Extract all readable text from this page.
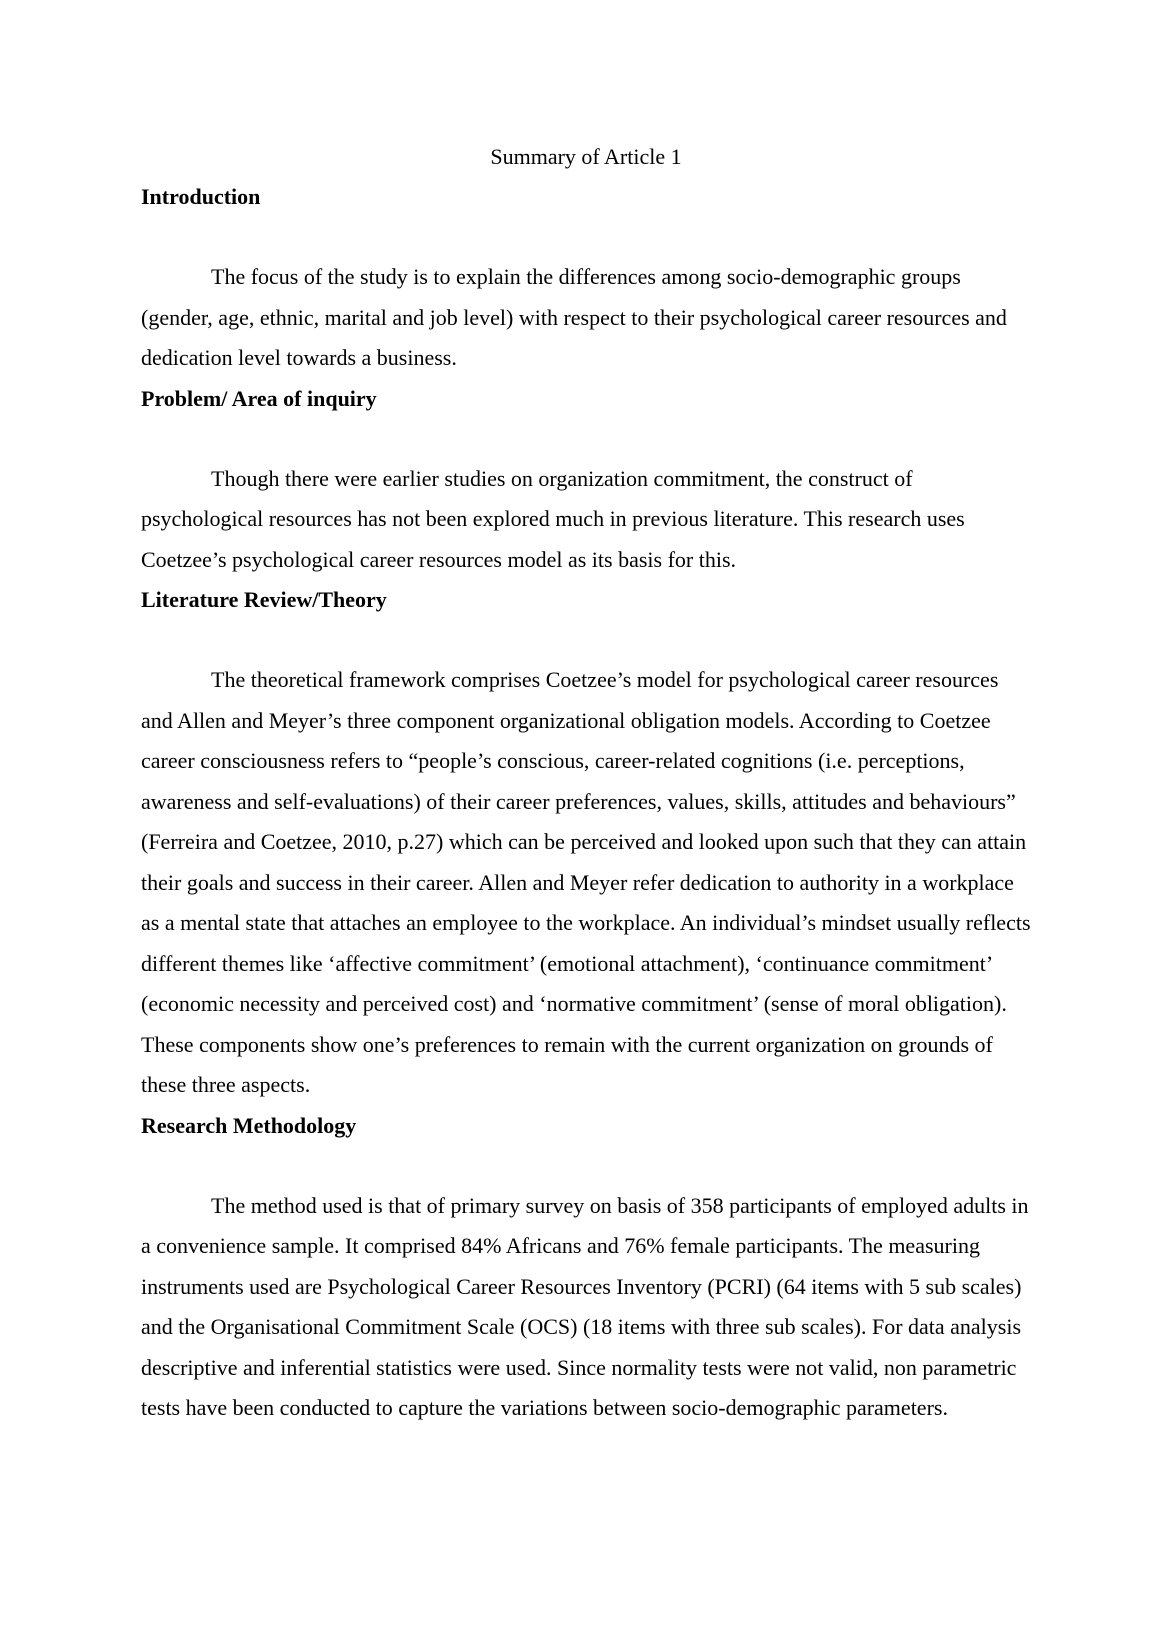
Summary of Article 1
Introduction

The focus of the study is to explain the differences among socio-demographic groups (gender, age, ethnic, marital and job level) with respect to their psychological career resources and dedication level towards a business.

Problem/ Area of inquiry

Though there were earlier studies on organization commitment, the construct of psychological resources has not been explored much in previous literature. This research uses Coetzee’s psychological career resources model as its basis for this.

Literature Review/Theory

The theoretical framework comprises Coetzee’s model for psychological career resources and Allen and Meyer’s three component organizational obligation models. According to Coetzee career consciousness refers to “people’s conscious, career-related cognitions (i.e. perceptions, awareness and self-evaluations) of their career preferences, values, skills, attitudes and behaviours” (Ferreira and Coetzee, 2010, p.27) which can be perceived and looked upon such that they can attain their goals and success in their career. Allen and Meyer refer dedication to authority in a workplace as a mental state that attaches an employee to the workplace. An individual’s mindset usually reflects different themes like ‘affective commitment’ (emotional attachment), ‘continuance commitment’ (economic necessity and perceived cost) and ‘normative commitment’ (sense of moral obligation). These components show one’s preferences to remain with the current organization on grounds of these three aspects.

Research Methodology

The method used is that of primary survey on basis of 358 participants of employed adults in a convenience sample. It comprised 84% Africans and 76% female participants. The measuring instruments used are Psychological Career Resources Inventory (PCRI) (64 items with 5 sub scales) and the Organisational Commitment Scale (OCS) (18 items with three sub scales). For data analysis descriptive and inferential statistics were used. Since normality tests were not valid, non parametric tests have been conducted to capture the variations between socio-demographic parameters.
